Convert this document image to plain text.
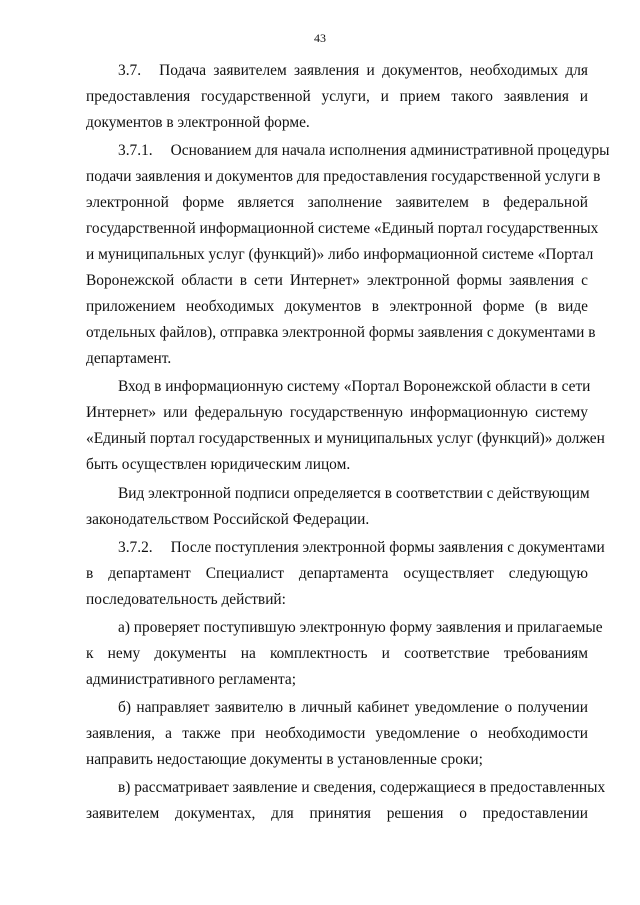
43
3.7.	Подача заявителем заявления и документов, необходимых для
предоставления государственной услуги, и прием такого заявления и
документов в электронной форме.
3.7.1.	Основанием для начала исполнения административной процедуры
подачи заявления и документов для предоставления государственной услуги в
электронной форме является заполнение заявителем в федеральной
государственной информационной системе «Единый портал государственных
и муниципальных услуг (функций)» либо информационной системе «Портал
Воронежской области в сети Интернет» электронной формы заявления с
приложением необходимых документов в электронной форме (в виде
отдельных файлов), отправка электронной формы заявления с документами в
департамент.
Вход в информационную систему «Портал Воронежской области в сети
Интернет» или федеральную государственную информационную систему
«Единый портал государственных и муниципальных услуг (функций)» должен
быть осуществлен юридическим лицом.
Вид электронной подписи определяется в соответствии с действующим
законодательством Российской Федерации.
3.7.2.	После поступления электронной формы заявления с документами
в департамент Специалист департамента осуществляет следующую
последовательность действий:
а) проверяет поступившую электронную форму заявления и прилагаемые
к нему документы на комплектность и соответствие требованиям
административного регламента;
б) направляет заявителю в личный кабинет уведомление о получении
заявления, а также при необходимости уведомление о необходимости
направить недостающие документы в установленные сроки;
в) рассматривает заявление и сведения, содержащиеся в предоставленных
заявителем документах, для принятия решения о предоставлении
